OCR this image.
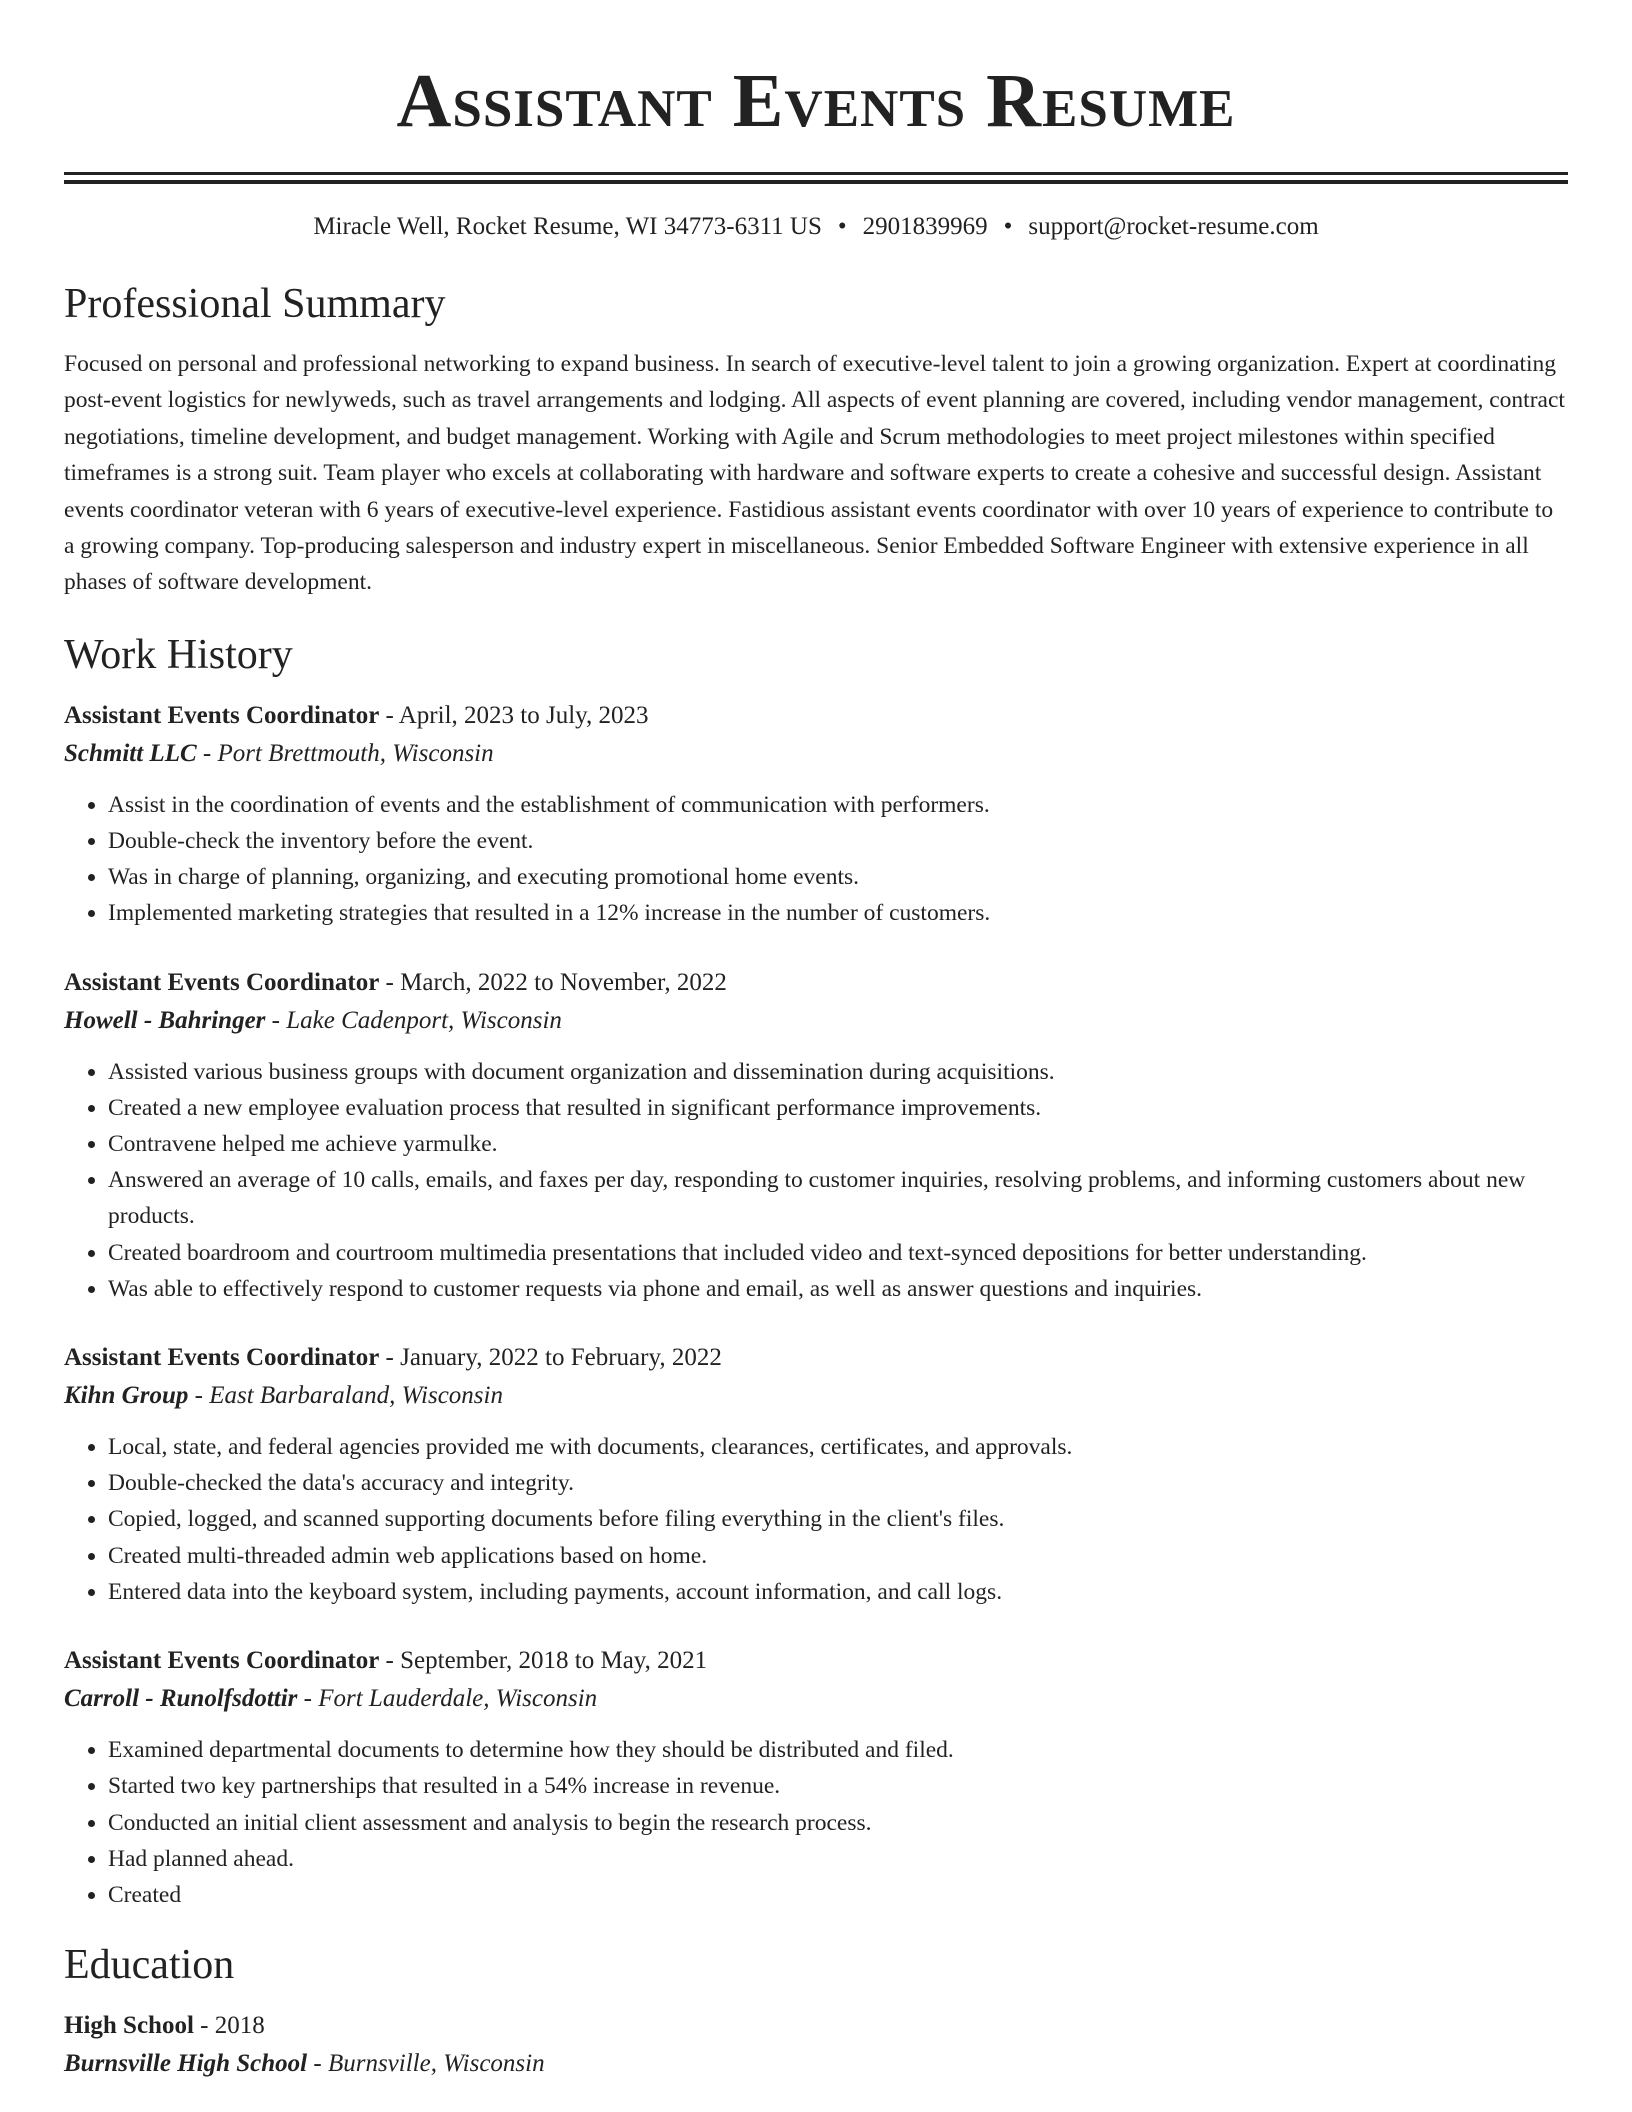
Assistant Events Resume
Miracle Well, Rocket Resume, WI 34773-6311 US • 2901839969 • support@rocket-resume.com
Professional Summary

Focused on personal and professional networking to expand business. In search of executive-level talent to join a growing organization. Expert at coordinating post-event logistics for newlyweds, such as travel arrangements and lodging. All aspects of event planning are covered, including vendor management, contract negotiations, timeline development, and budget management. Working with Agile and Scrum methodologies to meet project milestones within specified timeframes is a strong suit. Team player who excels at collaborating with hardware and software experts to create a cohesive and successful design. Assistant events coordinator veteran with 6 years of executive-level experience. Fastidious assistant events coordinator with over 10 years of experience to contribute to a growing company. Top-producing salesperson and industry expert in miscellaneous. Senior Embedded Software Engineer with extensive experience in all phases of software development.

Work History
Assistant Events Coordinator - April, 2023 to July, 2023
Schmitt LLC - Port Brettmouth, Wisconsin
• Assist in the coordination of events and the establishment of communication with performers.
• Double-check the inventory before the event.
• Was in charge of planning, organizing, and executing promotional home events.
• Implemented marketing strategies that resulted in a 12% increase in the number of customers.
Assistant Events Coordinator - March, 2022 to November, 2022
Howell - Bahringer - Lake Cadenport, Wisconsin
• Assisted various business groups with document organization and dissemination during acquisitions.
• Created a new employee evaluation process that resulted in significant performance improvements.
• Contravene helped me achieve yarmulke.
• Answered an average of 10 calls, emails, and faxes per day, responding to customer inquiries, resolving problems, and informing customers about new products.
• Created boardroom and courtroom multimedia presentations that included video and text-synced depositions for better understanding.
• Was able to effectively respond to customer requests via phone and email, as well as answer questions and inquiries.
Assistant Events Coordinator - January, 2022 to February, 2022
Kihn Group - East Barbaraland, Wisconsin
• Local, state, and federal agencies provided me with documents, clearances, certificates, and approvals.
• Double-checked the data's accuracy and integrity.
• Copied, logged, and scanned supporting documents before filing everything in the client's files.
• Created multi-threaded admin web applications based on home.
• Entered data into the keyboard system, including payments, account information, and call logs.
Assistant Events Coordinator - September, 2018 to May, 2021
Carroll - Runolfsdottir - Fort Lauderdale, Wisconsin
• Examined departmental documents to determine how they should be distributed and filed.
• Started two key partnerships that resulted in a 54% increase in revenue.
• Conducted an initial client assessment and analysis to begin the research process.
• Had planned ahead.
• Created
Education
High School - 2018
Burnsville High School - Burnsville, Wisconsin
